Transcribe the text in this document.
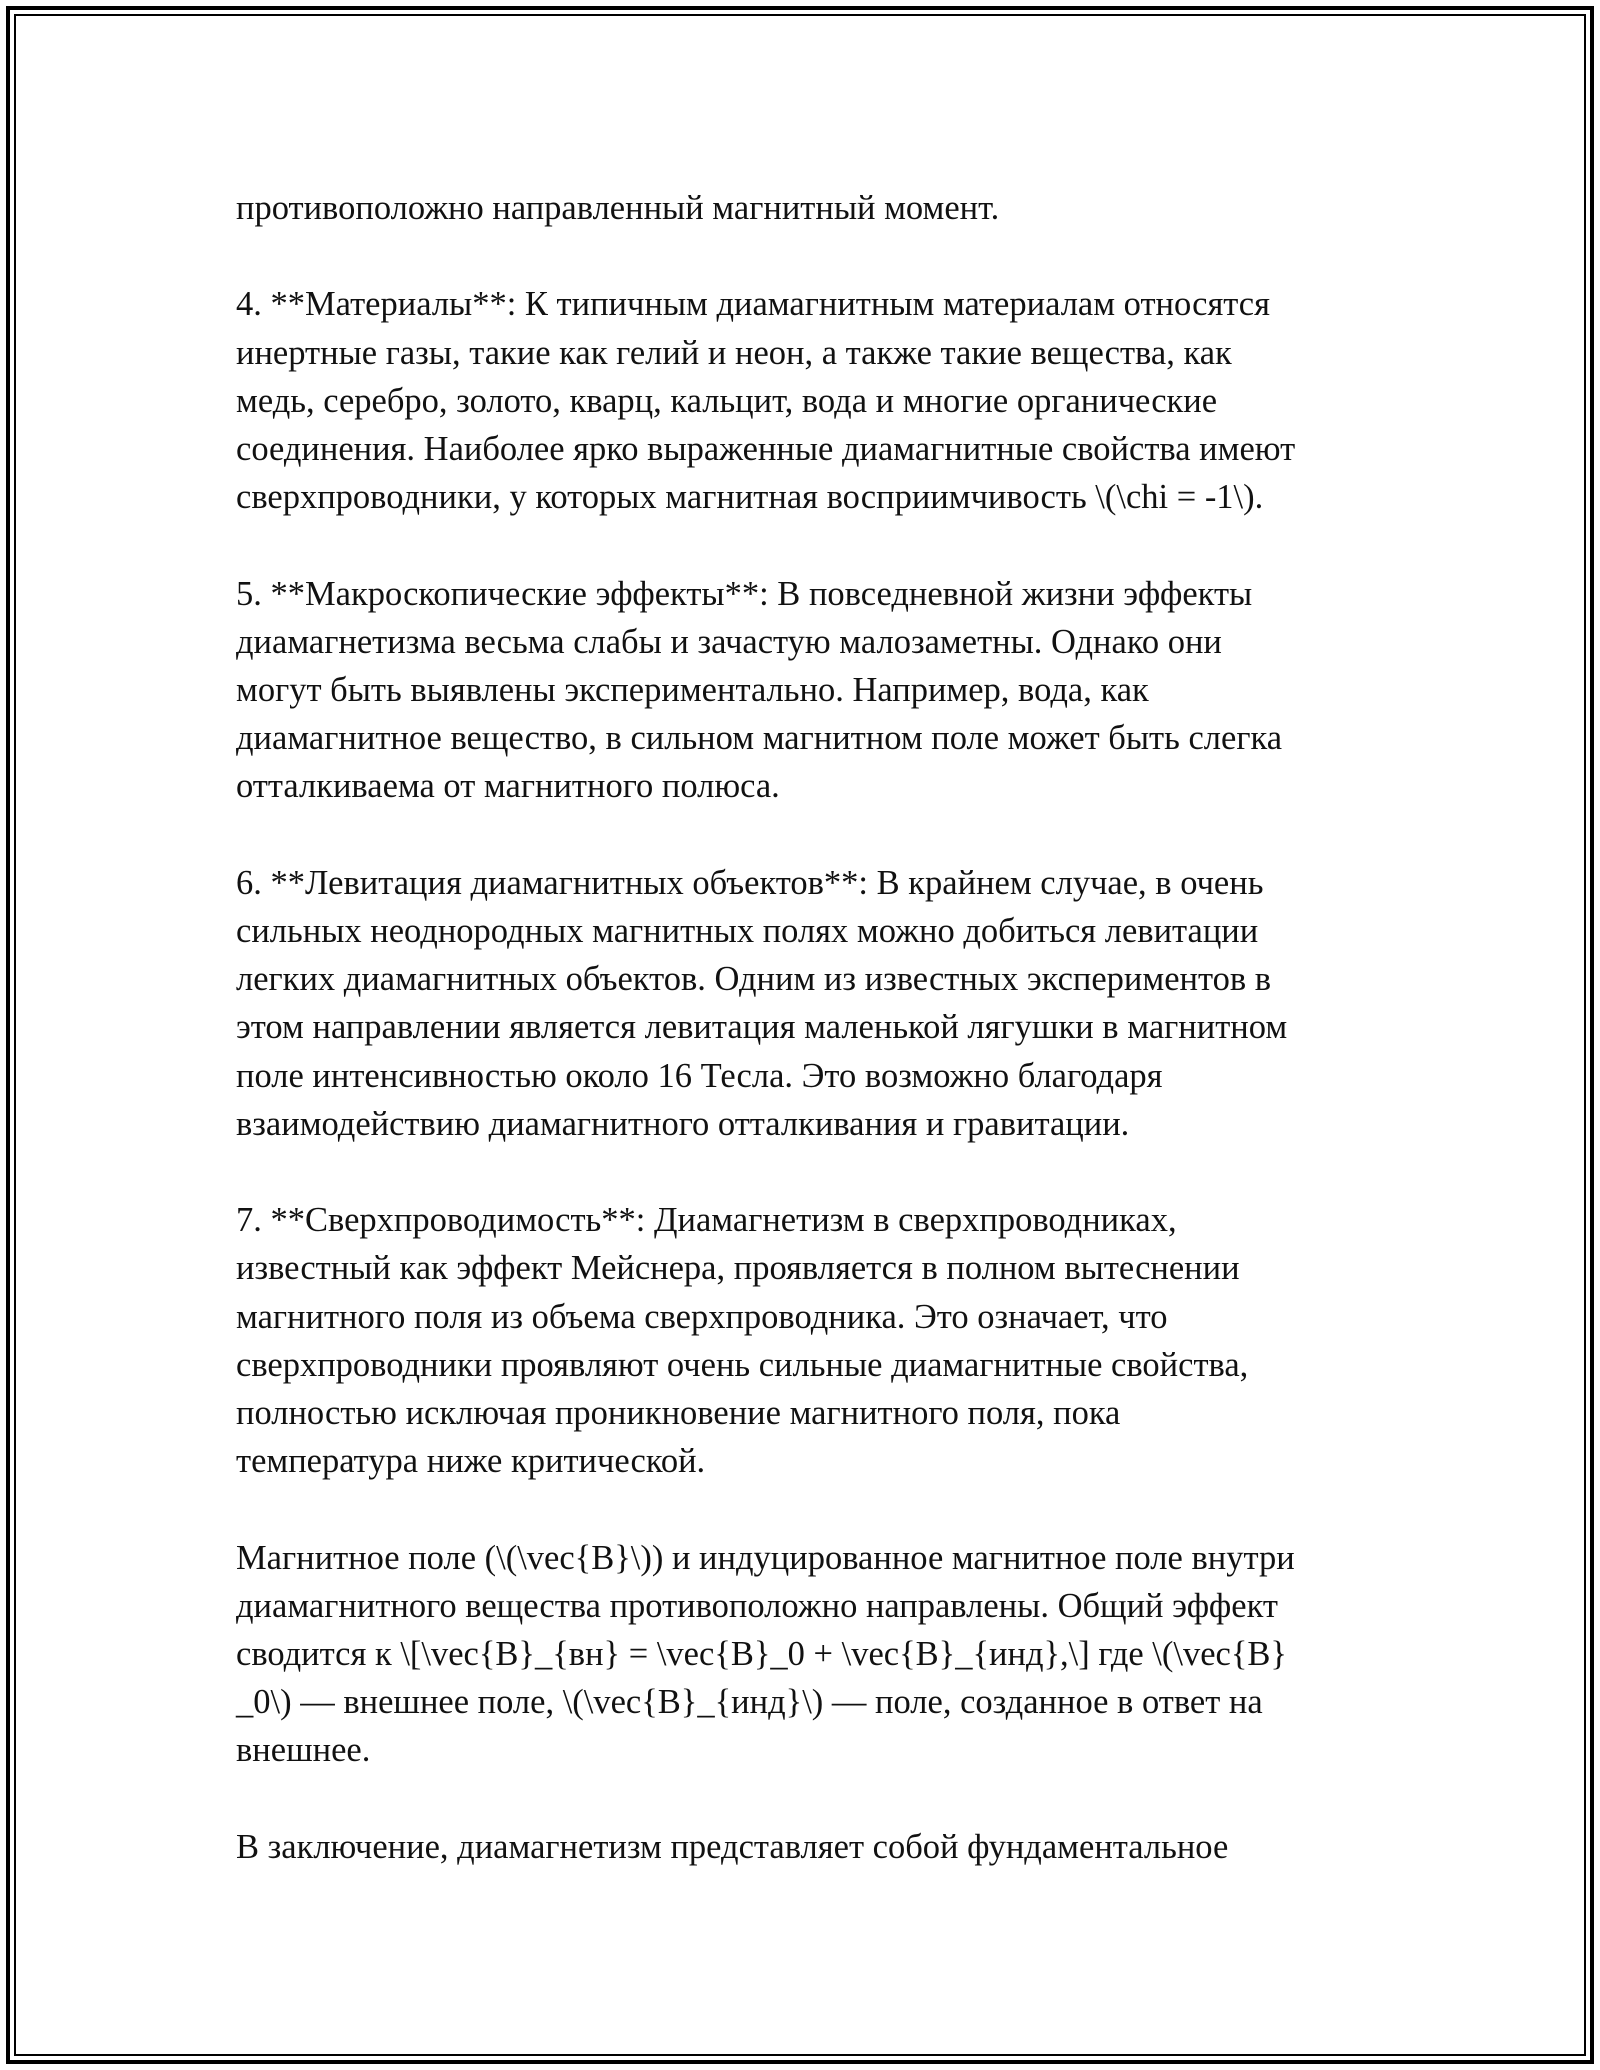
противоположно направленный магнитный момент.

4. **Материалы**: К типичным диамагнитным материалам относятся
инертные газы, такие как гелий и неон, а также такие вещества, как
медь, серебро, золото, кварц, кальцит, вода и многие органические
соединения. Наиболее ярко выраженные диамагнитные свойства имеют
сверхпроводники, у которых магнитная восприимчивость \(\chi = -1\).

5. **Макроскопические эффекты**: В повседневной жизни эффекты
диамагнетизма весьма слабы и зачастую малозаметны. Однако они
могут быть выявлены экспериментально. Например, вода, как
диамагнитное вещество, в сильном магнитном поле может быть слегка
отталкиваема от магнитного полюса.

6. **Левитация диамагнитных объектов**: В крайнем случае, в очень
сильных неоднородных магнитных полях можно добиться левитации
легких диамагнитных объектов. Одним из известных экспериментов в
этом направлении является левитация маленькой лягушки в магнитном
поле интенсивностью около 16 Тесла. Это возможно благодаря
взаимодействию диамагнитного отталкивания и гравитации.

7. **Сверхпроводимость**: Диамагнетизм в сверхпроводниках,
известный как эффект Мейснера, проявляется в полном вытеснении
магнитного поля из объема сверхпроводника. Это означает, что
сверхпроводники проявляют очень сильные диамагнитные свойства,
полностью исключая проникновение магнитного поля, пока
температура ниже критической.

Магнитное поле (\(\vec{B}\)) и индуцированное магнитное поле внутри
диамагнитного вещества противоположно направлены. Общий эффект
сводится к \[\vec{B}_{вн} = \vec{B}_0 + \vec{B}_{инд},\] где \(\vec{B}
_0\) — внешнее поле, \(\vec{B}_{инд}\) — поле, созданное в ответ на
внешнее.

В заключение, диамагнетизм представляет собой фундаментальное
